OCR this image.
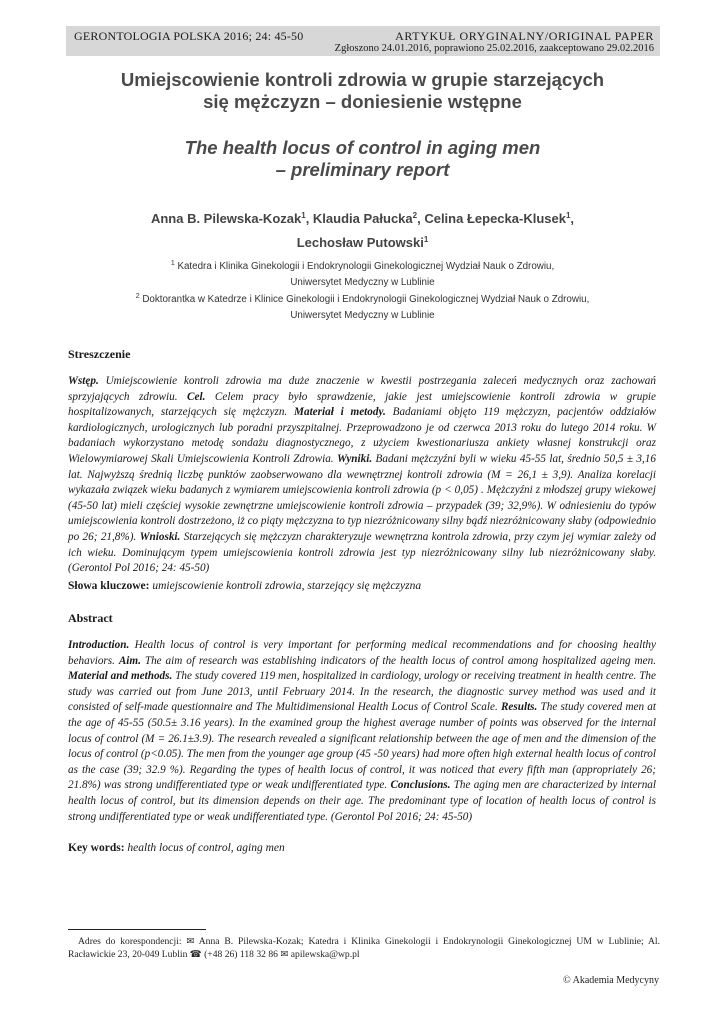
GERONTOLOGIA POLSKA 2016; 24: 45-50	ARTYKUŁ ORYGINALNY/ORIGINAL PAPER
Zgłoszono 24.01.2016, poprawiono 25.02.2016, zaakceptowano 29.02.2016
Umiejscowienie kontroli zdrowia w grupie starzejących
się mężczyzn – doniesienie wstępne
The health locus of control in aging men
– preliminary report
Anna B. Pilewska-Kozak$^1$, Klaudia Pałucka$^2$, Celina Łepecka-Klusek$^1$,
Lechosław Putowski$^1$
$^1$ Katedra i Klinika Ginekologii i Endokrynologii Ginekologicznej Wydział Nauk o Zdrowiu,
Uniwersytet Medyczny w Lublinie
$^2$ Doktorantka w Katedrze i Klinice Ginekologii i Endokrynologii Ginekologicznej Wydział Nauk o Zdrowiu,
Uniwersytet Medyczny w Lublinie
Streszczenie
Wstęp. Umiejscowienie kontroli zdrowia ma duże znaczenie w kwestii postrzegania zaleceń medycznych oraz zachowań sprzyjających zdrowiu. Cel. Celem pracy było sprawdzenie, jakie jest umiejscowienie kontroli zdrowia w grupie hospitalizowanych, starzejących się mężczyzn. Materiał i metody. Badaniami objęto 119 mężczyzn, pacjentów oddziałów kardiologicznych, urologicznych lub poradni przyszpitalnej. Przeprowadzono je od czerwca 2013 roku do lutego 2014 roku. W badaniach wykorzystano metodę sondażu diagnostycznego, z użyciem kwestionariusza ankiety własnej konstrukcji oraz Wielowymiarowej Skali Umiejscowienia Kontroli Zdrowia. Wyniki. Badani mężczyźni byli w wieku 45-55 lat, średnio 50,5 ± 3,16 lat. Najwyższą średnią liczbę punktów zaobserwowano dla wewnętrznej kontroli zdrowia (M = 26,1 ± 3,9). Analiza korelacji wykazała związek wieku badanych z wymiarem umiejscowienia kontroli zdrowia (p < 0,05) . Mężczyźni z młodszej grupy wiekowej (45-50 lat) mieli częściej wysokie zewnętrzne umiejscowienie kontroli zdrowia – przypadek (39; 32,9%). W odniesieniu do typów umiejscowienia kontroli dostrzeżono, iż co piąty mężczyzna to typ niezróżnicowany silny bądź niezróżnicowany słaby (odpowiednio po 26; 21,8%). Wnioski. Starzejących się mężczyzn charakteryzuje wewnętrzna kontrola zdrowia, przy czym jej wymiar zależy od ich wieku. Dominującym typem umiejscowienia kontroli zdrowia jest typ niezróżnicowany silny lub niezróżnicowany słaby. (Gerontol Pol 2016; 24: 45-50)
Słowa kluczowe: umiejscowienie kontroli zdrowia, starzejący się mężczyzna
Abstract
Introduction. Health locus of control is very important for performing medical recommendations and for choosing healthy behaviors. Aim. The aim of research was establishing indicators of the health locus of control among hospitalized ageing men. Material and methods. The study covered 119 men, hospitalized in cardiology, urology or receiving treatment in health centre. The study was carried out from June 2013, until February 2014. In the research, the diagnostic survey method was used and it consisted of self-made questionnaire and The Multidimensional Health Locus of Control Scale. Results. The study covered men at the age of 45-55 (50.5± 3.16 years). In the examined group the highest average number of points was observed for the internal locus of control (M = 26.1±3.9). The research revealed a significant relationship between the age of men and the dimension of the locus of control (p<0.05). The men from the younger age group (45 -50 years) had more often high external health locus of control as the case (39; 32.9 %). Regarding the types of health locus of control, it was noticed that every fifth man (appropriately 26; 21.8%) was strong undifferentiated type or weak undifferentiated type. Conclusions. The aging men are characterized by internal health locus of control, but its dimension depends on their age. The predominant type of location of health locus of control is strong undifferentiated type or weak undifferentiated type. (Gerontol Pol 2016; 24: 45-50)
Key words: health locus of control, aging men
Adres do korespondencji: ✉ Anna B. Pilewska-Kozak; Katedra i Klinika Ginekologii i Endokrynologii Ginekologicznej UM w Lublinie; Al. Racławickie 23, 20-049 Lublin ☎ (+48 26) 118 32 86 ✉ apilewska@wp.pl
© Akademia Medycyny
